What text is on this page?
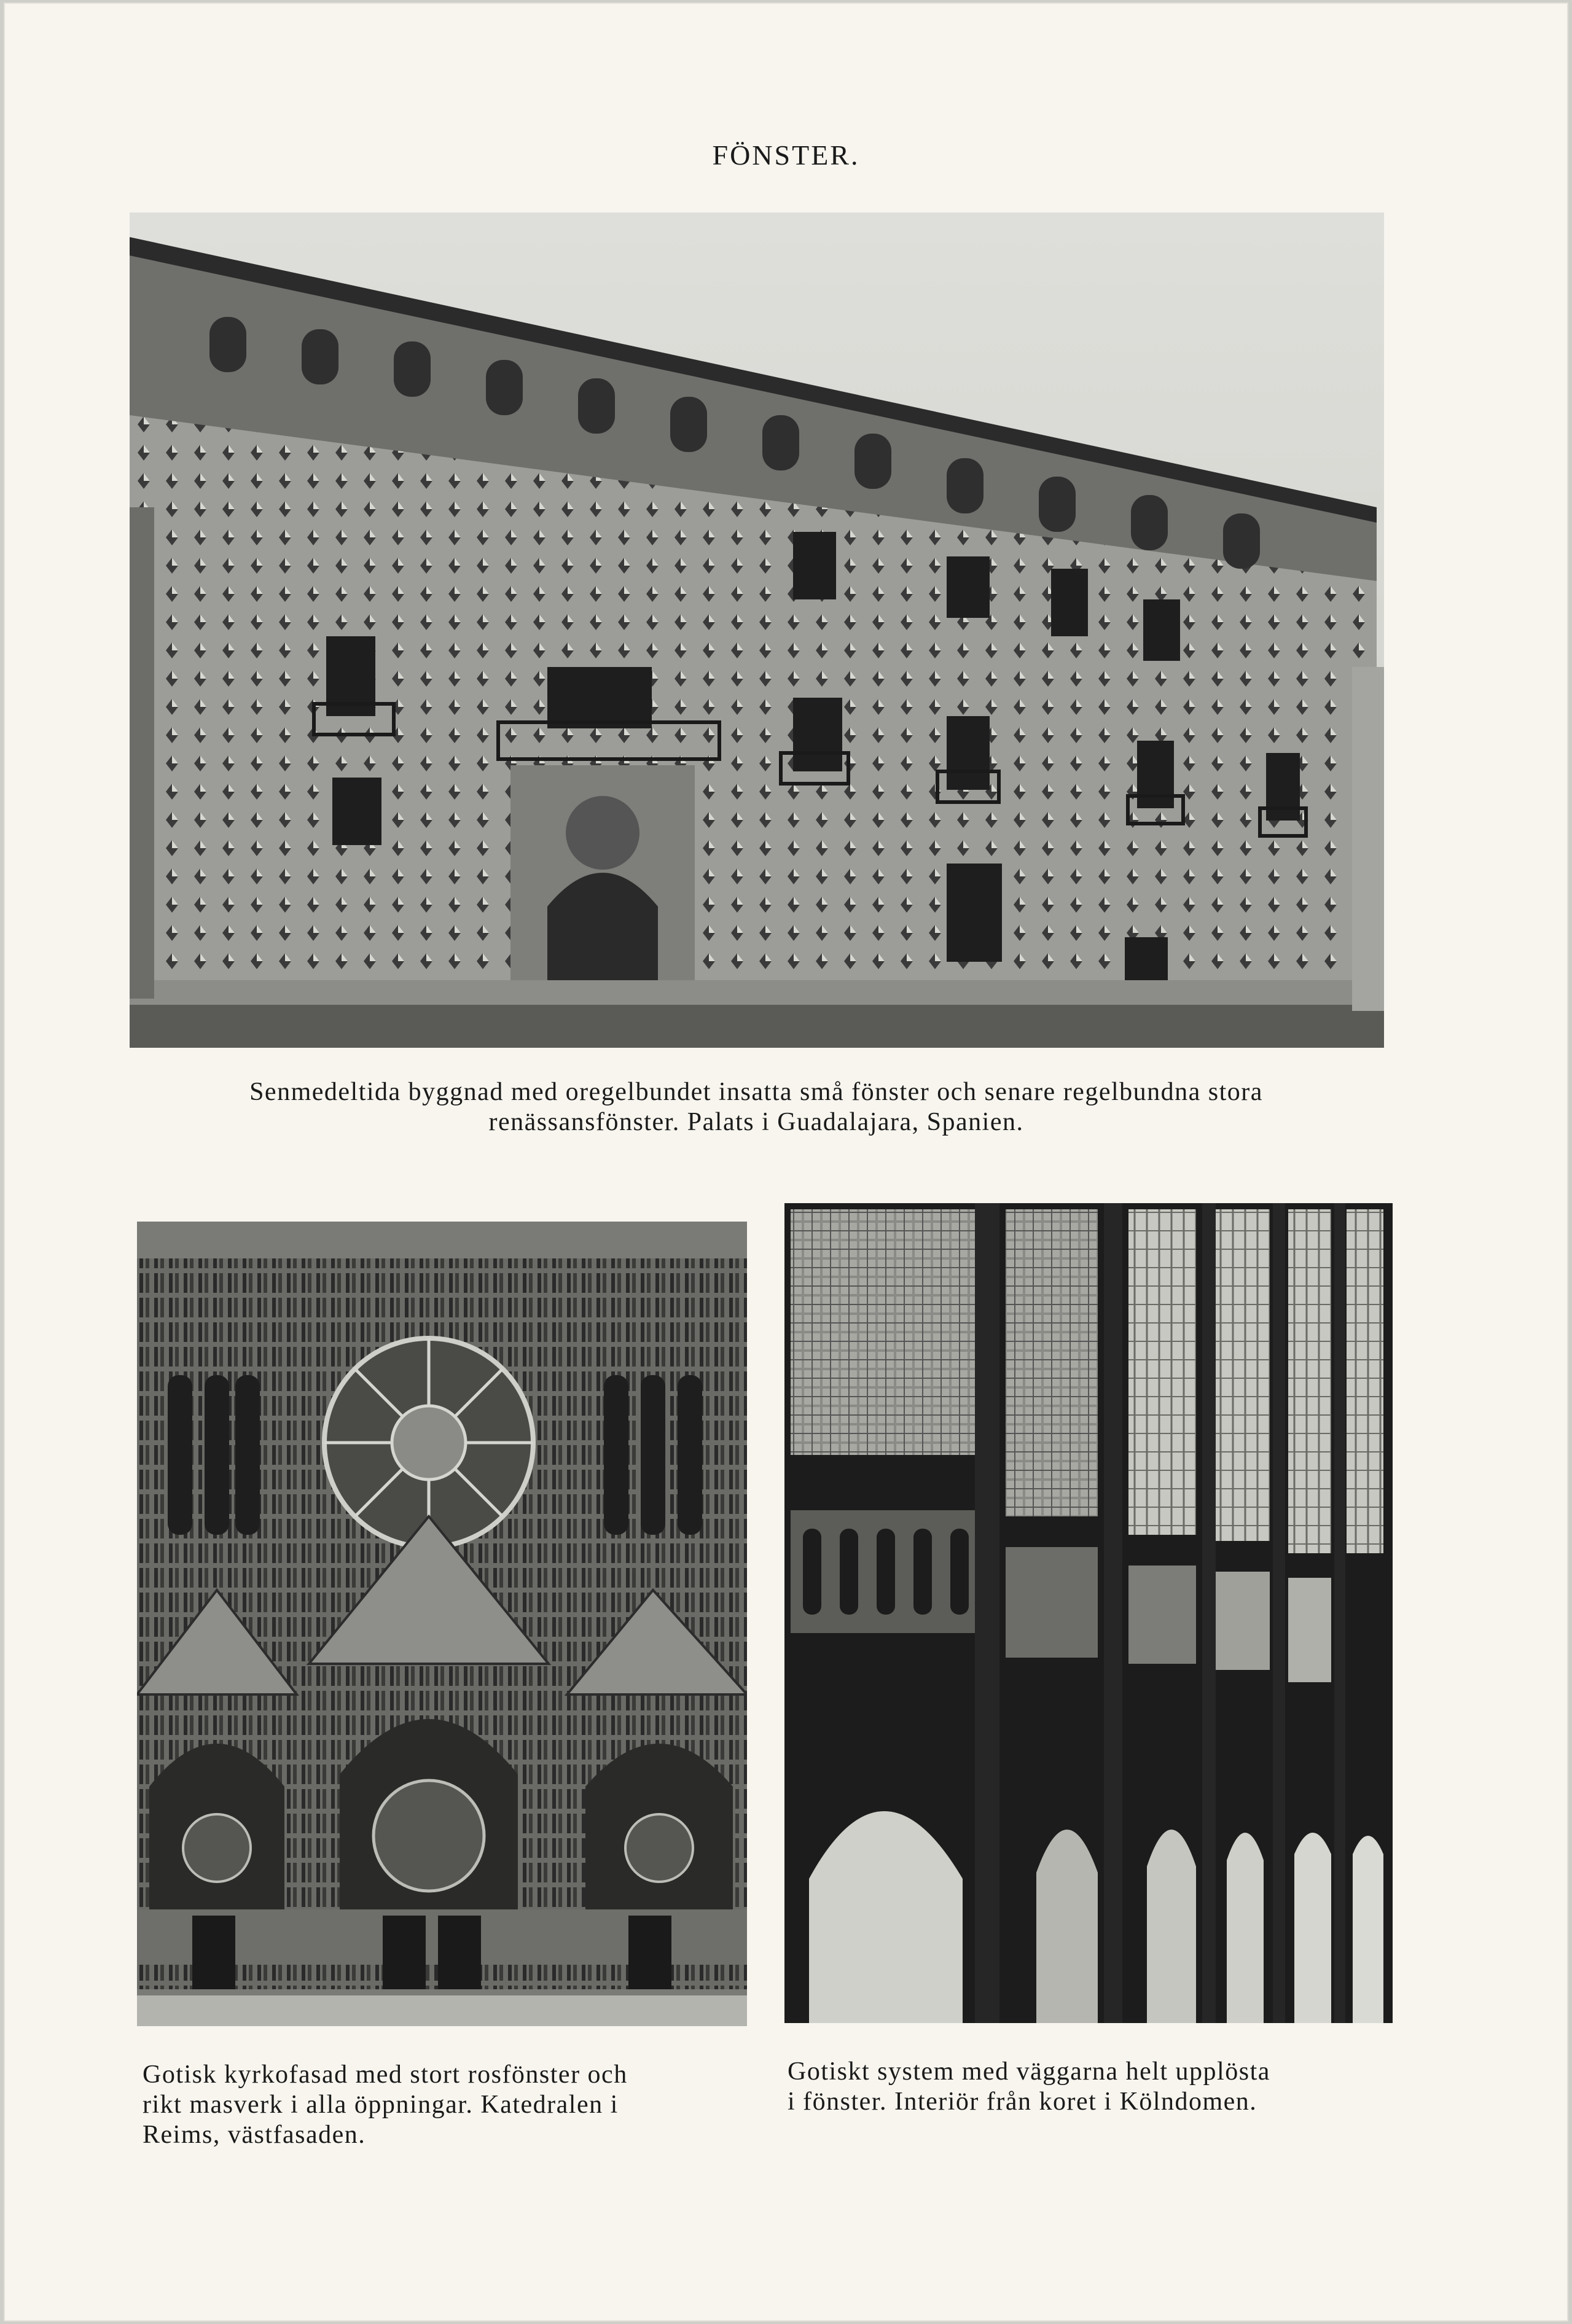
FÖNSTER.

Senmedeltida byggnad med oregelbundet insatta små fönster och senare regelbundna stora
renässansfönster. Palats i Guadalajara, Spanien.

Gotisk kyrkofasad med stort rosfönster och
rikt masverk i alla öppningar. Katedralen i
Reims, västfasaden.

Gotiskt system med väggarna helt upplösta
i fönster. Interiör från koret i Kölndomen.
